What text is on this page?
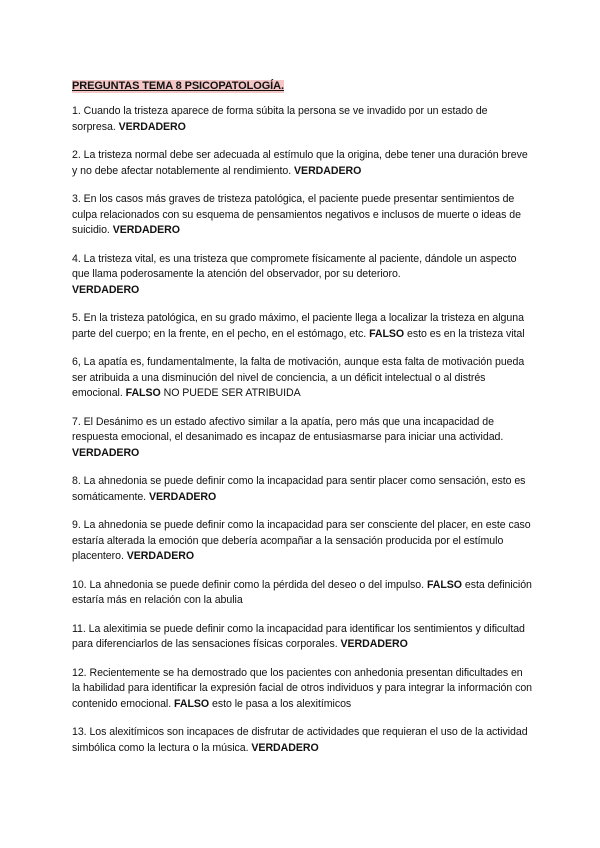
PREGUNTAS TEMA 8 PSICOPATOLOGÍA.

1. Cuando la tristeza aparece de forma súbita la persona se ve invadido por un estado de sorpresa. VERDADERO

2. La tristeza normal debe ser adecuada al estímulo que la origina, debe tener una duración breve y no debe afectar notablemente al rendimiento. VERDADERO

3. En los casos más graves de tristeza patológica, el paciente puede presentar sentimientos de culpa relacionados con su esquema de pensamientos negativos e inclusos de muerte o ideas de suicidio. VERDADERO

4. La tristeza vital, es una tristeza que compromete físicamente al paciente, dándole un aspecto que llama poderosamente la atención del observador, por su deterioro.
VERDADERO

5. En la tristeza patológica, en su grado máximo, el paciente llega a localizar la tristeza en alguna parte del cuerpo; en la frente, en el pecho, en el estómago, etc. FALSO esto es en la tristeza vital

6, La apatía es, fundamentalmente, la falta de motivación, aunque esta falta de motivación pueda ser atribuida a una disminución del nivel de conciencia, a un déficit intelectual o al distrés emocional. FALSO NO PUEDE SER ATRIBUIDA

7. El Desánimo es un estado afectivo similar a la apatía, pero más que una incapacidad de respuesta emocional, el desanimado es incapaz de entusiasmarse para iniciar una actividad. VERDADERO

8. La ahnedonia se puede definir como la incapacidad para sentir placer como sensación, esto es somáticamente. VERDADERO

9. La ahnedonia se puede definir como la incapacidad para ser consciente del placer, en este caso estaría alterada la emoción que debería acompañar a la sensación producida por el estímulo placentero. VERDADERO

10. La ahnedonia se puede definir como la pérdida del deseo o del impulso. FALSO esta definición estaría más en relación con la abulia

11. La alexitimia se puede definir como la incapacidad para identificar los sentimientos y dificultad para diferenciarlos de las sensaciones físicas corporales. VERDADERO

12. Recientemente se ha demostrado que los pacientes con anhedonia presentan dificultades en la habilidad para identificar la expresión facial de otros individuos y para integrar la información con contenido emocional. FALSO esto le pasa a los alexitímicos

13. Los alexitímicos son incapaces de disfrutar de actividades que requieran el uso de la actividad simbólica como la lectura o la música. VERDADERO
